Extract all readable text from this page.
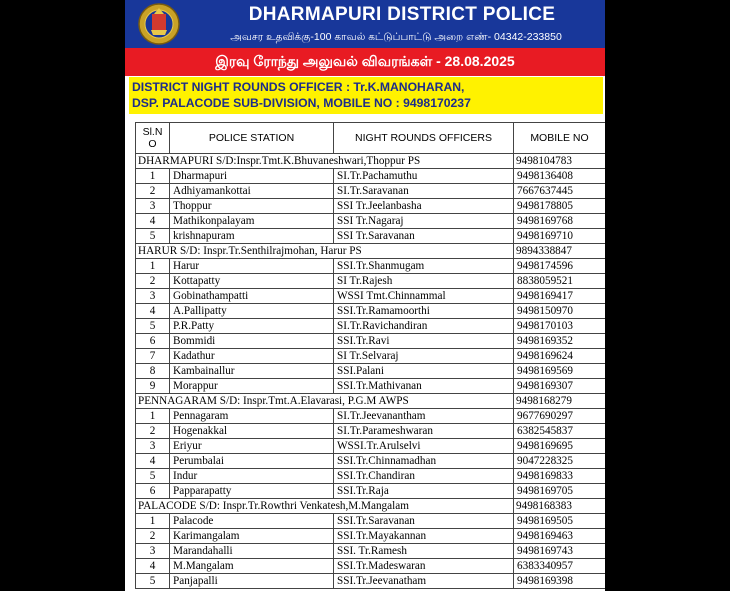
DHARMAPURI DISTRICT POLICE
அவசர உதவிக்கு-100 காவல் கட்டுப்பாட்டு அறை எண்- 04342-233850
இரவு ரோந்து அலுவல் விவரங்கள் - 28.08.2025
DISTRICT NIGHT ROUNDS OFFICER : Tr.K.MANOHARAN,
DSP. PALACODE SUB-DIVISION, MOBILE NO : 9498170237
Sl.N O	POLICE STATION	NIGHT ROUNDS OFFICERS	MOBILE NO
DHARMAPURI S/D:Inspr.Tmt.K.Bhuvaneshwari,Thoppur PS			9498104783
1	Dharmapuri	SI.Tr.Pachamuthu	9498136408
2	Adhiyamankottai	SI.Tr.Saravanan	7667637445
3	Thoppur	SSI Tr.Jeelanbasha	9498178805
4	Mathikonpalayam	SSI Tr.Nagaraj	9498169768
5	krishnapuram	SSI Tr.Saravanan	9498169710
HARUR S/D: Inspr.Tr.Senthilrajmohan, Harur PS			9894338847
1	Harur	SSI.Tr.Shanmugam	9498174596
2	Kottapatty	SI Tr.Rajesh	8838059521
3	Gobinathampatti	WSSI Tmt.Chinnammal	9498169417
4	A.Pallipatty	SSI.Tr.Ramamoorthi	9498150970
5	P.R.Patty	SI.Tr.Ravichandiran	9498170103
6	Bommidi	SSI.Tr.Ravi	9498169352
7	Kadathur	SI Tr.Selvaraj	9498169624
8	Kambainallur	SSI.Palani	9498169569
9	Morappur	SSI.Tr.Mathivanan	9498169307
PENNAGARAM S/D: Inspr.Tmt.A.Elavarasi, P.G.M AWPS			9498168279
1	Pennagaram	SI.Tr.Jeevanantham	9677690297
2	Hogenakkal	SI.Tr.Parameshwaran	6382545837
3	Eriyur	WSSI.Tr.Arulselvi	9498169695
4	Perumbalai	SSI.Tr.Chinnamadhan	9047228325
5	Indur	SSI.Tr.Chandiran	9498169833
6	Papparapatty	SSI.Tr.Raja	9498169705
PALACODE S/D: Inspr.Tr.Rowthri Venkatesh,M.Mangalam			9498168383
1	Palacode	SSI.Tr.Saravanan	9498169505
2	Karimangalam	SSI.Tr.Mayakannan	9498169463
3	Marandahalli	SSI. Tr.Ramesh	9498169743
4	M.Mangalam	SSI.Tr.Madeswaran	6383340957
5	Panjapalli	SSI.Tr.Jeevanatham	9498169398
